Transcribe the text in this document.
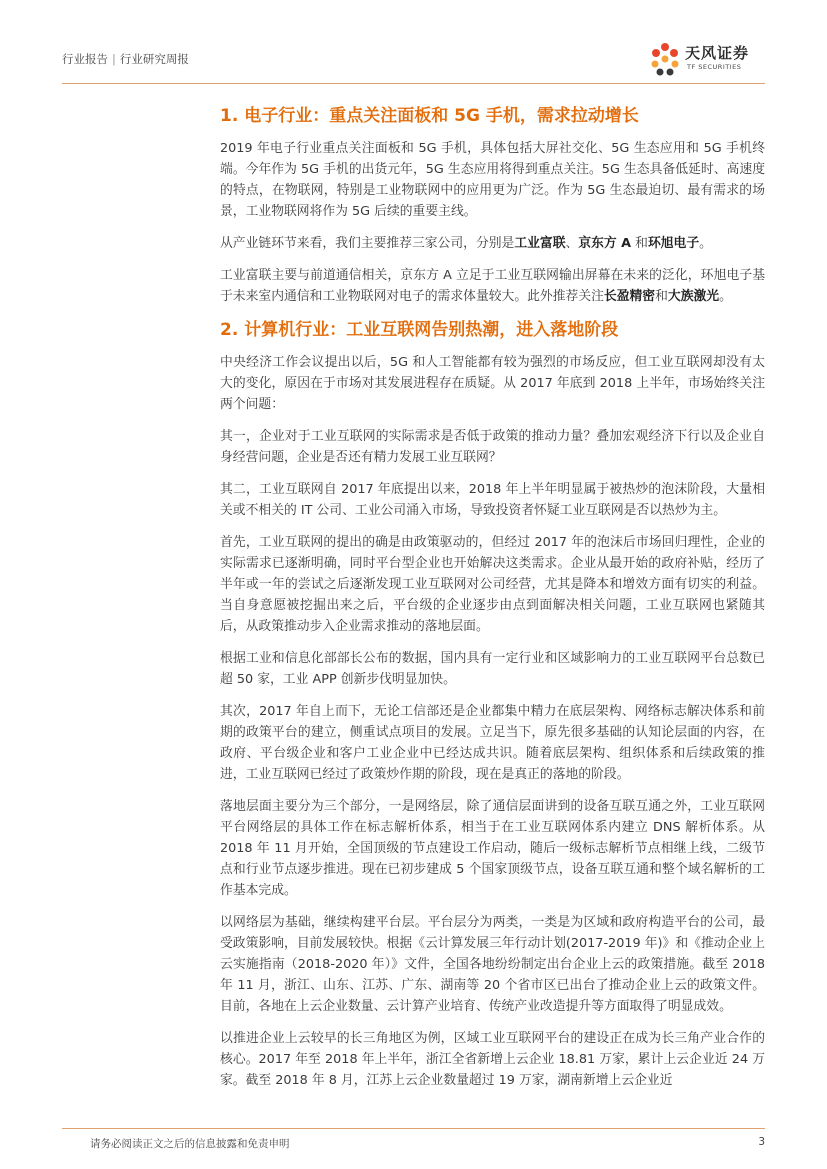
行业报告 | 行业研究周报	天风证券
TF SECURITIES
1. 电子行业：重点关注面板和 5G 手机，需求拉动增长

2019 年电子行业重点关注面板和 5G 手机，具体包括大屏社交化、5G 生态应用和 5G 手机终端。今年作为 5G 手机的出货元年，5G 生态应用将得到重点关注。5G 生态具备低延时、高速度的特点，在物联网，特别是工业物联网中的应用更为广泛。作为 5G 生态最迫切、最有需求的场景，工业物联网将作为 5G 后续的重要主线。

从产业链环节来看，我们主要推荐三家公司，分别是工业富联、京东方 A 和环旭电子。

工业富联主要与前道通信相关，京东方 A 立足于工业互联网输出屏幕在未来的泛化，环旭电子基于未来室内通信和工业物联网对电子的需求体量较大。此外推荐关注长盈精密和大族激光。

2. 计算机行业：工业互联网告别热潮，进入落地阶段

中央经济工作会议提出以后，5G 和人工智能都有较为强烈的市场反应，但工业互联网却没有太大的变化，原因在于市场对其发展进程存在质疑。从 2017 年底到 2018 上半年，市场始终关注两个问题：

其一，企业对于工业互联网的实际需求是否低于政策的推动力量？叠加宏观经济下行以及企业自身经营问题，企业是否还有精力发展工业互联网？

其二，工业互联网自 2017 年底提出以来，2018 年上半年明显属于被热炒的泡沫阶段，大量相关或不相关的 IT 公司、工业公司涌入市场，导致投资者怀疑工业互联网是否以热炒为主。

首先，工业互联网的提出的确是由政策驱动的，但经过 2017 年的泡沫后市场回归理性，企业的实际需求已逐渐明确，同时平台型企业也开始解决这类需求。企业从最开始的政府补贴，经历了半年或一年的尝试之后逐渐发现工业互联网对公司经营，尤其是降本和增效方面有切实的利益。当自身意愿被挖掘出来之后，平台级的企业逐步由点到面解决相关问题，工业互联网也紧随其后，从政策推动步入企业需求推动的落地层面。

根据工业和信息化部部长公布的数据，国内具有一定行业和区域影响力的工业互联网平台总数已超 50 家，工业 APP 创新步伐明显加快。

其次，2017 年自上而下，无论工信部还是企业都集中精力在底层架构、网络标志解决体系和前期的政策平台的建立，侧重试点项目的发展。立足当下，原先很多基础的认知论层面的内容，在政府、平台级企业和客户工业企业中已经达成共识。随着底层架构、组织体系和后续政策的推进，工业互联网已经过了政策炒作期的阶段，现在是真正的落地的阶段。

落地层面主要分为三个部分，一是网络层，除了通信层面讲到的设备互联互通之外，工业互联网平台网络层的具体工作在标志解析体系，相当于在工业互联网体系内建立 DNS 解析体系。从 2018 年 11 月开始，全国顶级的节点建设工作启动，随后一级标志解析节点相继上线，二级节点和行业节点逐步推进。现在已初步建成 5 个国家顶级节点，设备互联互通和整个域名解析的工作基本完成。

以网络层为基础，继续构建平台层。平台层分为两类，一类是为区域和政府构造平台的公司，最受政策影响，目前发展较快。根据《云计算发展三年行动计划(2017-2019 年)》和《推动企业上云实施指南（2018-2020 年）》文件，全国各地纷纷制定出台企业上云的政策措施。截至 2018 年 11 月，浙江、山东、江苏、广东、湖南等 20 个省市区已出台了推动企业上云的政策文件。目前，各地在上云企业数量、云计算产业培育、传统产业改造提升等方面取得了明显成效。

以推进企业上云较早的长三角地区为例，区域工业互联网平台的建设正在成为长三角产业合作的核心。2017 年至 2018 年上半年，浙江全省新增上云企业 18.81 万家，累计上云企业近 24 万家。截至 2018 年 8 月，江苏上云企业数量超过 19 万家，湖南新增上云企业近

请务必阅读正文之后的信息披露和免责申明	3
